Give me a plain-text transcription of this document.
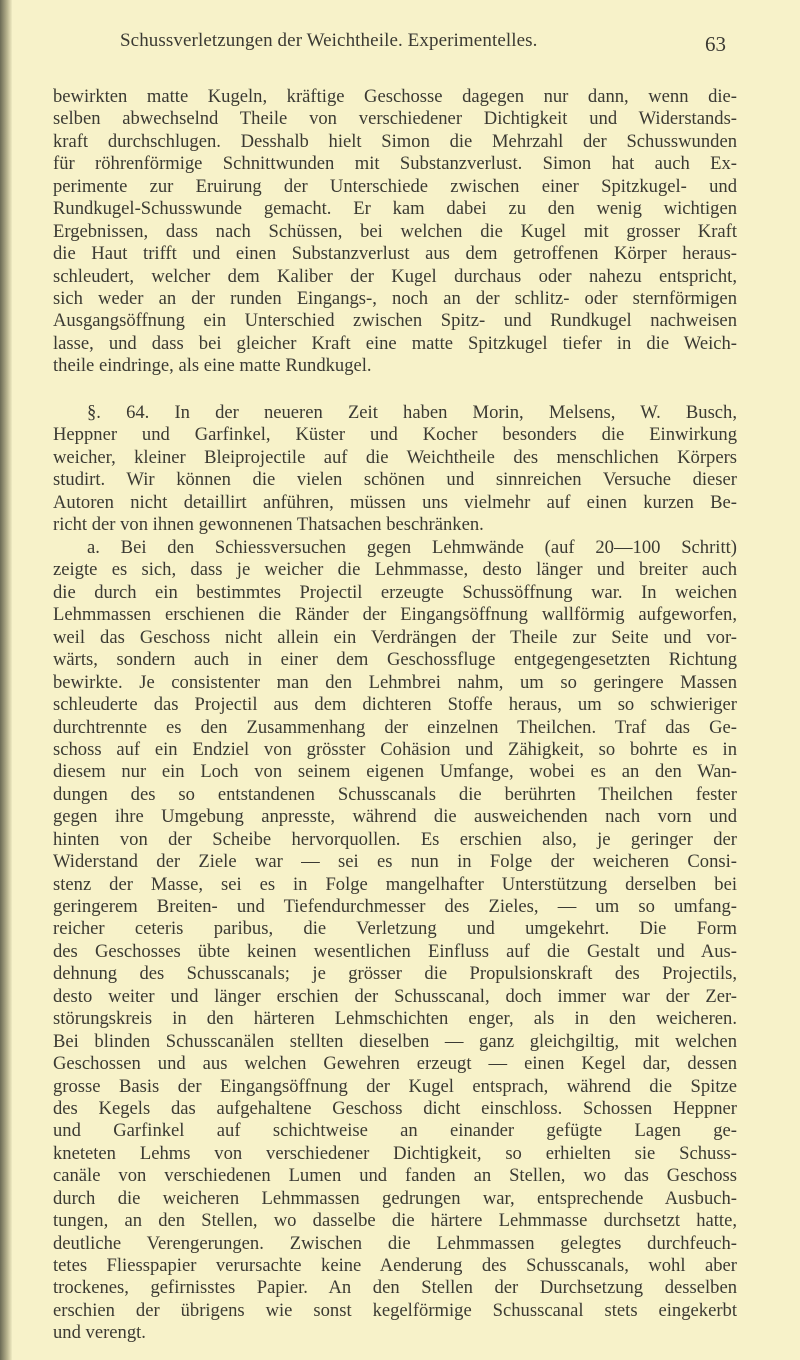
Schussverletzungen der Weichtheile. Experimentelles.	63
bewirkten matte Kugeln, kräftige Geschosse dagegen nur dann, wenn die-
selben abwechselnd Theile von verschiedener Dichtigkeit und Widerstands-
kraft durchschlugen. Desshalb hielt Simon die Mehrzahl der Schusswunden
für röhrenförmige Schnittwunden mit Substanzverlust. Simon hat auch Ex-
perimente zur Eruirung der Unterschiede zwischen einer Spitzkugel- und
Rundkugel-Schusswunde gemacht. Er kam dabei zu den wenig wichtigen
Ergebnissen, dass nach Schüssen, bei welchen die Kugel mit grosser Kraft
die Haut trifft und einen Substanzverlust aus dem getroffenen Körper heraus-
schleudert, welcher dem Kaliber der Kugel durchaus oder nahezu entspricht,
sich weder an der runden Eingangs-, noch an der schlitz- oder sternförmigen
Ausgangsöffnung ein Unterschied zwischen Spitz- und Rundkugel nachweisen
lasse, und dass bei gleicher Kraft eine matte Spitzkugel tiefer in die Weich-
theile eindringe, als eine matte Rundkugel.
§. 64. In der neueren Zeit haben Morin, Melsens, W. Busch,
Heppner und Garfinkel, Küster und Kocher besonders die Einwirkung
weicher, kleiner Bleiprojectile auf die Weichtheile des menschlichen Körpers
studirt. Wir können die vielen schönen und sinnreichen Versuche dieser
Autoren nicht detaillirt anführen, müssen uns vielmehr auf einen kurzen Be-
richt der von ihnen gewonnenen Thatsachen beschränken.
a. Bei den Schiessversuchen gegen Lehmwände (auf 20—100 Schritt)
zeigte es sich, dass je weicher die Lehmmasse, desto länger und breiter auch
die durch ein bestimmtes Projectil erzeugte Schussöffnung war. In weichen
Lehmmassen erschienen die Ränder der Eingangsöffnung wallförmig aufgeworfen,
weil das Geschoss nicht allein ein Verdrängen der Theile zur Seite und vor-
wärts, sondern auch in einer dem Geschossfluge entgegengesetzten Richtung
bewirkte. Je consistenter man den Lehmbrei nahm, um so geringere Massen
schleuderte das Projectil aus dem dichteren Stoffe heraus, um so schwieriger
durchtrennte es den Zusammenhang der einzelnen Theilchen. Traf das Ge-
schoss auf ein Endziel von grösster Cohäsion und Zähigkeit, so bohrte es in
diesem nur ein Loch von seinem eigenen Umfange, wobei es an den Wan-
dungen des so entstandenen Schusscanals die berührten Theilchen fester
gegen ihre Umgebung anpresste, während die ausweichenden nach vorn und
hinten von der Scheibe hervorquollen. Es erschien also, je geringer der
Widerstand der Ziele war — sei es nun in Folge der weicheren Consi-
stenz der Masse, sei es in Folge mangelhafter Unterstützung derselben bei
geringerem Breiten- und Tiefendurchmesser des Zieles, — um so umfang-
reicher ceteris paribus, die Verletzung und umgekehrt. Die Form
des Geschosses übte keinen wesentlichen Einfluss auf die Gestalt und Aus-
dehnung des Schusscanals; je grösser die Propulsionskraft des Projectils,
desto weiter und länger erschien der Schusscanal, doch immer war der Zer-
störungskreis in den härteren Lehmschichten enger, als in den weicheren.
Bei blinden Schusscanälen stellten dieselben — ganz gleichgiltig, mit welchen
Geschossen und aus welchen Gewehren erzeugt — einen Kegel dar, dessen
grosse Basis der Eingangsöffnung der Kugel entsprach, während die Spitze
des Kegels das aufgehaltene Geschoss dicht einschloss. Schossen Heppner
und Garfinkel auf schichtweise an einander gefügte Lagen ge-
kneteten Lehms von verschiedener Dichtigkeit, so erhielten sie Schuss-
canäle von verschiedenen Lumen und fanden an Stellen, wo das Geschoss
durch die weicheren Lehmmassen gedrungen war, entsprechende Ausbuch-
tungen, an den Stellen, wo dasselbe die härtere Lehmmasse durchsetzt hatte,
deutliche Verengerungen. Zwischen die Lehmmassen gelegtes durchfeuch-
tetes Fliesspapier verursachte keine Aenderung des Schusscanals, wohl aber
trockenes, gefirnisstes Papier. An den Stellen der Durchsetzung desselben
erschien der übrigens wie sonst kegelförmige Schusscanal stets eingekerbt
und verengt.
